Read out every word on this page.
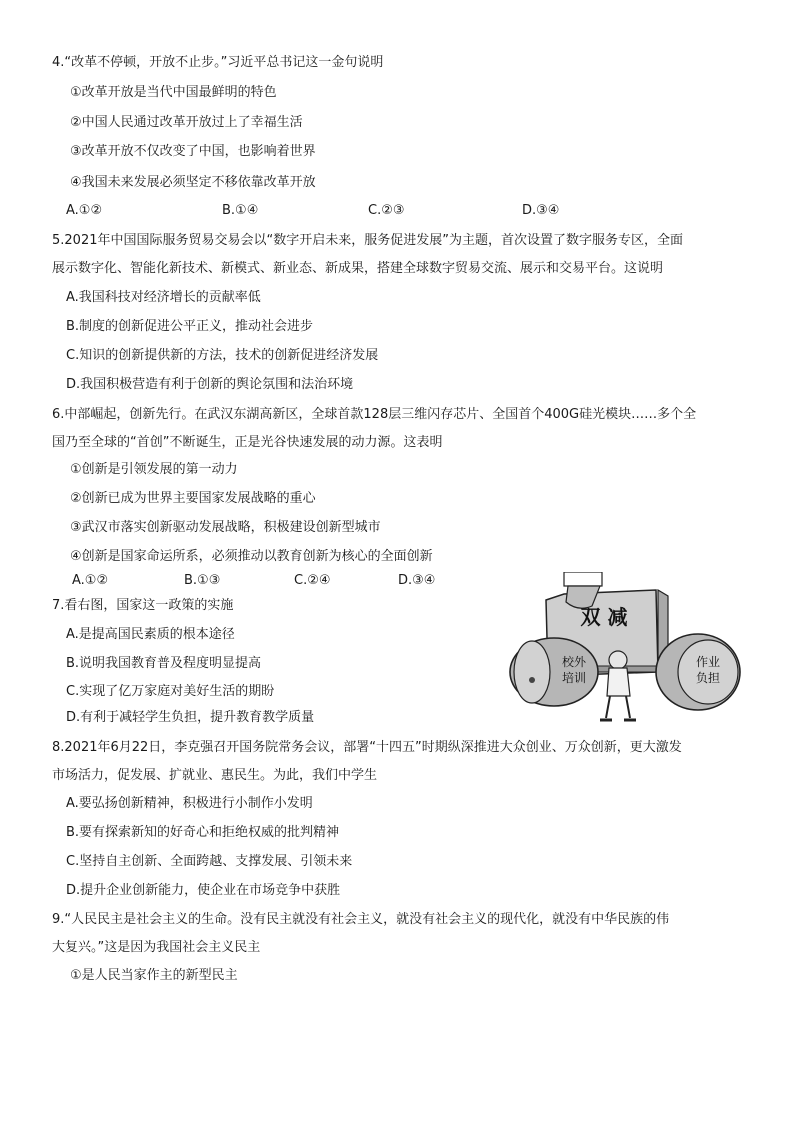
4.“改革不停顿，开放不止步。”习近平总书记这一金句说明
①改革开放是当代中国最鲜明的特色
②中国人民通过改革开放过上了幸福生活
③改革开放不仅改变了中国，也影响着世界
④我国未来发展必须坚定不移依靠改革开放
A.①②	B.①④	C.②③	D.③④
5.2021年中国国际服务贸易交易会以“数字开启未来，服务促进发展”为主题，首次设置了数字服务专区，全面
展示数字化、智能化新技术、新模式、新业态、新成果，搭建全球数字贸易交流、展示和交易平台。这说明
A.我国科技对经济增长的贡献率低
B.制度的创新促进公平正义，推动社会进步
C.知识的创新提供新的方法，技术的创新促进经济发展
D.我国积极营造有利于创新的舆论氛围和法治环境
6.中部崛起，创新先行。在武汉东湖高新区，全球首款128层三维闪存芯片、全国首个400G硅光模块……多个全
国乃至全球的“首创”不断诞生，正是光谷快速发展的动力源。这表明
①创新是引领发展的第一动力
②创新已成为世界主要国家发展战略的重心
③武汉市落实创新驱动发展战略，积极建设创新型城市
④创新是国家命运所系，必须推动以教育创新为核心的全面创新
A.①②	B.①③	C.②④	D.③④
7.看右图，国家这一政策的实施
A.是提高国民素质的根本途径
B.说明我国教育普及程度明显提高
C.实现了亿万家庭对美好生活的期盼
D.有利于减轻学生负担，提升教育教学质量
双 减
校外 培训
作业 负担
8.2021年6月22日，李克强召开国务院常务会议，部署“十四五”时期纵深推进大众创业、万众创新，更大激发
市场活力，促发展、扩就业、惠民生。为此，我们中学生
A.要弘扬创新精神，积极进行小制作小发明
B.要有探索新知的好奇心和拒绝权威的批判精神
C.坚持自主创新、全面跨越、支撑发展、引领未来
D.提升企业创新能力，使企业在市场竞争中获胜
9.“人民民主是社会主义的生命。没有民主就没有社会主义，就没有社会主义的现代化，就没有中华民族的伟
大复兴。”这是因为我国社会主义民主
①是人民当家作主的新型民主
